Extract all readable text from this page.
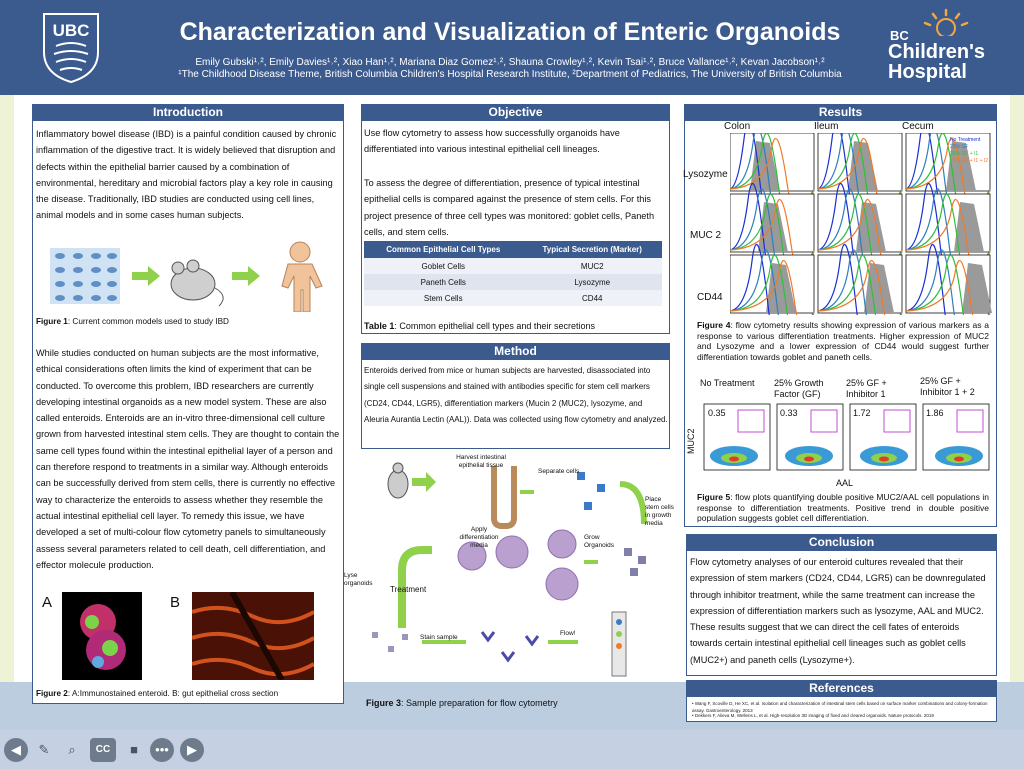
UBC	Characterization and Visualization of Enteric Organoids
Emily Gubski¹˒², Emily Davies¹˒², Xiao Han¹˒², Mariana Diaz Gomez¹˒², Shauna Crowley¹˒², Kevin Tsai¹˒², Bruce Vallance¹˒², Kevan Jacobson¹˒²
¹The Childhood Disease Theme, British Columbia Children's Hospital Research Institute, ²Department of Pediatrics, The University of British Columbia
BC
Children's
Hospital
Introduction
Inflammatory bowel disease (IBD) is a painful condition caused by chronic inflammation of the digestive tract. It is widely believed that disruption and defects within the epithelial barrier caused by a combination of environmental, hereditary and microbial factors play a key role in causing the disease. Traditionally, IBD studies are conducted using cell lines, animal models and in some cases human subjects.
Figure 1: Current common models used to study IBD
While studies conducted on human subjects are the most informative, ethical considerations often limits the kind of experiment that can be conducted. To overcome this problem, IBD researchers are currently developing intestinal organoids as a new model system. These are also called enteroids. Enteroids are an in-vitro three-dimensional cell culture grown from harvested intestinal stem cells. They are thought to contain the same cell types found within the intestinal epithelial layer of a person and can therefore respond to treatments in a similar way. Although enteroids can be successfully derived from stem cells, there is currently no effective way to characterize the enteroids to assess whether they resemble the actual intestinal epithelial cell layer. To remedy this issue, we have developed a set of multi-colour flow cytometry panels to simultaneously assess several parameters related to cell death, cell differentiation, and effector molecule production.
A	B
Figure 2: A:Immunostained enteroid. B: gut epithelial cross section
Objective
Use flow cytometry to assess how successfully organoids have differentiated into various intestinal epithelial cell lineages.
To assess the degree of differentiation, presence of typical intestinal epithelial cells is compared against the presence of stem cells. For this project presence of three cell types was monitored: goblet cells, Paneth cells, and stem cells.
Common Epithelial Cell Types	Typical Secretion (Marker)
Goblet Cells	MUC2
Paneth Cells	Lysozyme
Stem Cells	CD44
Table 1: Common epithelial cell types and their secretions
Method
Enteroids derived from mice or human subjects are harvested, disassociated into single cell suspensions and stained with antibodies specific for stem cell markers (CD24, CD44, LGR5), differentiation markers (Mucin 2 (MUC2), lysozyme, and Aleuria Aurantia Lectin (AAL)). Data was collected using flow cytometry and analyzed.
Harvest intestinal epithelial tissue
Separate cells
Place stem cells in growth media
Grow Organoids
Apply differentiation media
Lyse organoids
Treatment
Stain sample
Flow!
Figure 3: Sample preparation for flow cytometry
Results
Colon	Ileum	Cecum
Lysozyme
MUC 2
CD44
No Treatment
25% GF
25% GF + I1
25% GF + I1 + I2
Figure 4: flow cytometry results showing expression of various markers as a response to various differentiation treatments. Higher expression of MUC2 and Lysozyme and a lower expression of CD44 would suggest further differentiation towards goblet and paneth cells.
No Treatment	25% Growth Factor (GF)
25% GF + Inhibitor 1
25% GF + Inhibitor 1 + 2
MUC2
AAL
0.35	0.33	1.72	1.86
Figure 5: flow plots quantifying double positive MUC2/AAL cell populations in response to differentiation treatments. Positive trend in double positive population suggests goblet cell differentiation.
Conclusion
Flow cytometry analyses of our enteroid cultures revealed that their expression of stem markers (CD24, CD44, LGR5) can be downregulated through inhibitor treatment, while the same treatment can increase the expression of differentiation markers such as lysozyme, AAL and MUC2. These results suggest that we can direct the cell fates of enteroids towards certain intestinal epithelial cell lineages such as goblet cells (MUC2+) and paneth cells (Lysozyme+).
References
• Wang F, Scoville D, He XC, et al. Isolation and characterization of intestinal stem cells based on surface marker combinations and colony-formation assay. Gastroenterology. 2013
• Dekkers F, Alieva M, Wellens L, et al. High-resolution 3D imaging of fixed and cleared organoids. Nature protocols. 2019
◀	✎	⌕	CC	■	•••	▶
